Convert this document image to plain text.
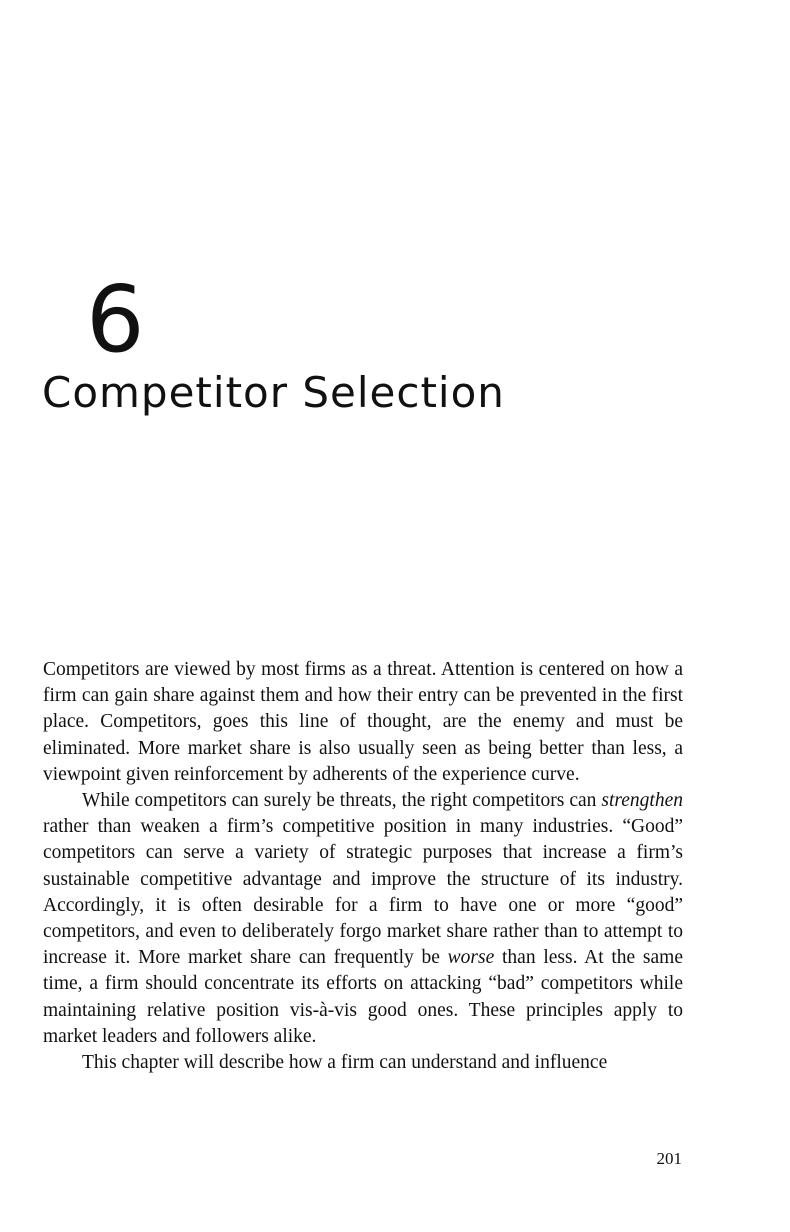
6
Competitor Selection

Competitors are viewed by most firms as a threat. Attention is centered on how a firm can gain share against them and how their entry can be prevented in the first place. Competitors, goes this line of thought, are the enemy and must be eliminated. More market share is also usually seen as being better than less, a viewpoint given reinforcement by adherents of the experience curve.

While competitors can surely be threats, the right competitors can strengthen rather than weaken a firm’s competitive position in many industries. “Good” competitors can serve a variety of strategic purposes that increase a firm’s sustainable competitive advantage and improve the structure of its industry. Accordingly, it is often desirable for a firm to have one or more “good” competitors, and even to deliberately forgo market share rather than to attempt to increase it. More market share can frequently be worse than less. At the same time, a firm should concentrate its efforts on attacking “bad” competitors while maintaining relative position vis-à-vis good ones. These principles apply to market leaders and followers alike.

This chapter will describe how a firm can understand and influence

201
